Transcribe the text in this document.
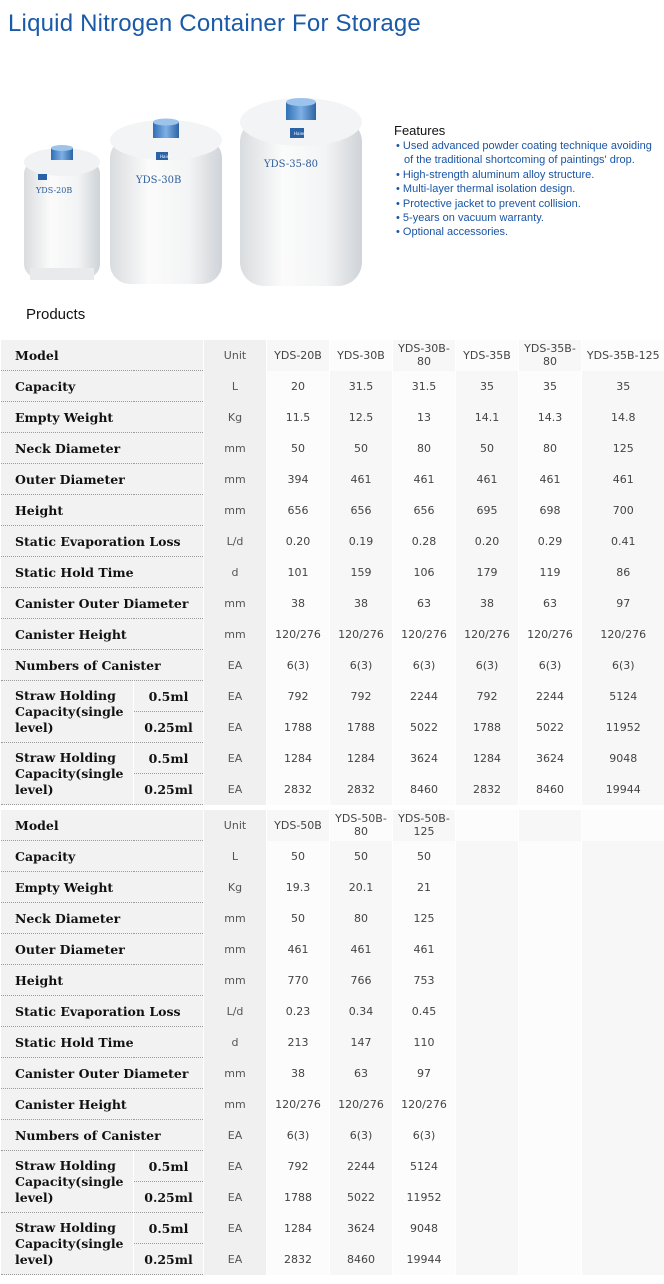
Liquid Nitrogen Container For Storage
YDS-20B
Haier
YDS-30B
Haier
YDS-35-80
Features
• Used advanced powder coating technique avoiding of the traditional shortcoming of paintings' drop.
• High-strength aluminum alloy structure.
• Multi-layer thermal isolation design.
• Protective jacket to prevent collision.
• 5-years on vacuum warranty.
• Optional accessories.
Products
Model		Unit	YDS-20B	YDS-30B	YDS-30B-80	YDS-35B	YDS-35B-80	YDS-35B-125
Capacity		L	20	31.5	31.5	35	35	35
Empty Weight		Kg	11.5	12.5	13	14.1	14.3	14.8
Neck Diameter		mm	50	50	80	50	80	125
Outer Diameter		mm	394	461	461	461	461	461
Height		mm	656	656	656	695	698	700
Static Evaporation Loss		L/d	0.20	0.19	0.28	0.20	0.29	0.41
Static Hold Time		d	101	159	106	179	119	86
Canister Outer Diameter		mm	38	38	63	38	63	97
Canister Height		mm	120/276	120/276	120/276	120/276	120/276	120/276
Numbers of Canister		EA	6(3)	6(3)	6(3)	6(3)	6(3)	6(3)
Straw Holding Capacity(single level)	0.5ml	EA	792	792	2244	792	2244	5124
	0.25ml	EA	1788	1788	5022	1788	5022	11952
Straw Holding Capacity(single level)	0.5ml	EA	1284	1284	3624	1284	3624	9048
	0.25ml	EA	2832	2832	8460	2832	8460	19944
Model		Unit	YDS-50B	YDS-50B-80	YDS-50B-125			
Capacity		L	50	50	50			
Empty Weight		Kg	19.3	20.1	21			
Neck Diameter		mm	50	80	125			
Outer Diameter		mm	461	461	461			
Height		mm	770	766	753			
Static Evaporation Loss		L/d	0.23	0.34	0.45			
Static Hold Time		d	213	147	110			
Canister Outer Diameter		mm	38	63	97			
Canister Height		mm	120/276	120/276	120/276			
Numbers of Canister		EA	6(3)	6(3)	6(3)			
Straw Holding Capacity(single level)	0.5ml	EA	792	2244	5124			
	0.25ml	EA	1788	5022	11952			
Straw Holding Capacity(single level)	0.5ml	EA	1284	3624	9048			
	0.25ml	EA	2832	8460	19944			
